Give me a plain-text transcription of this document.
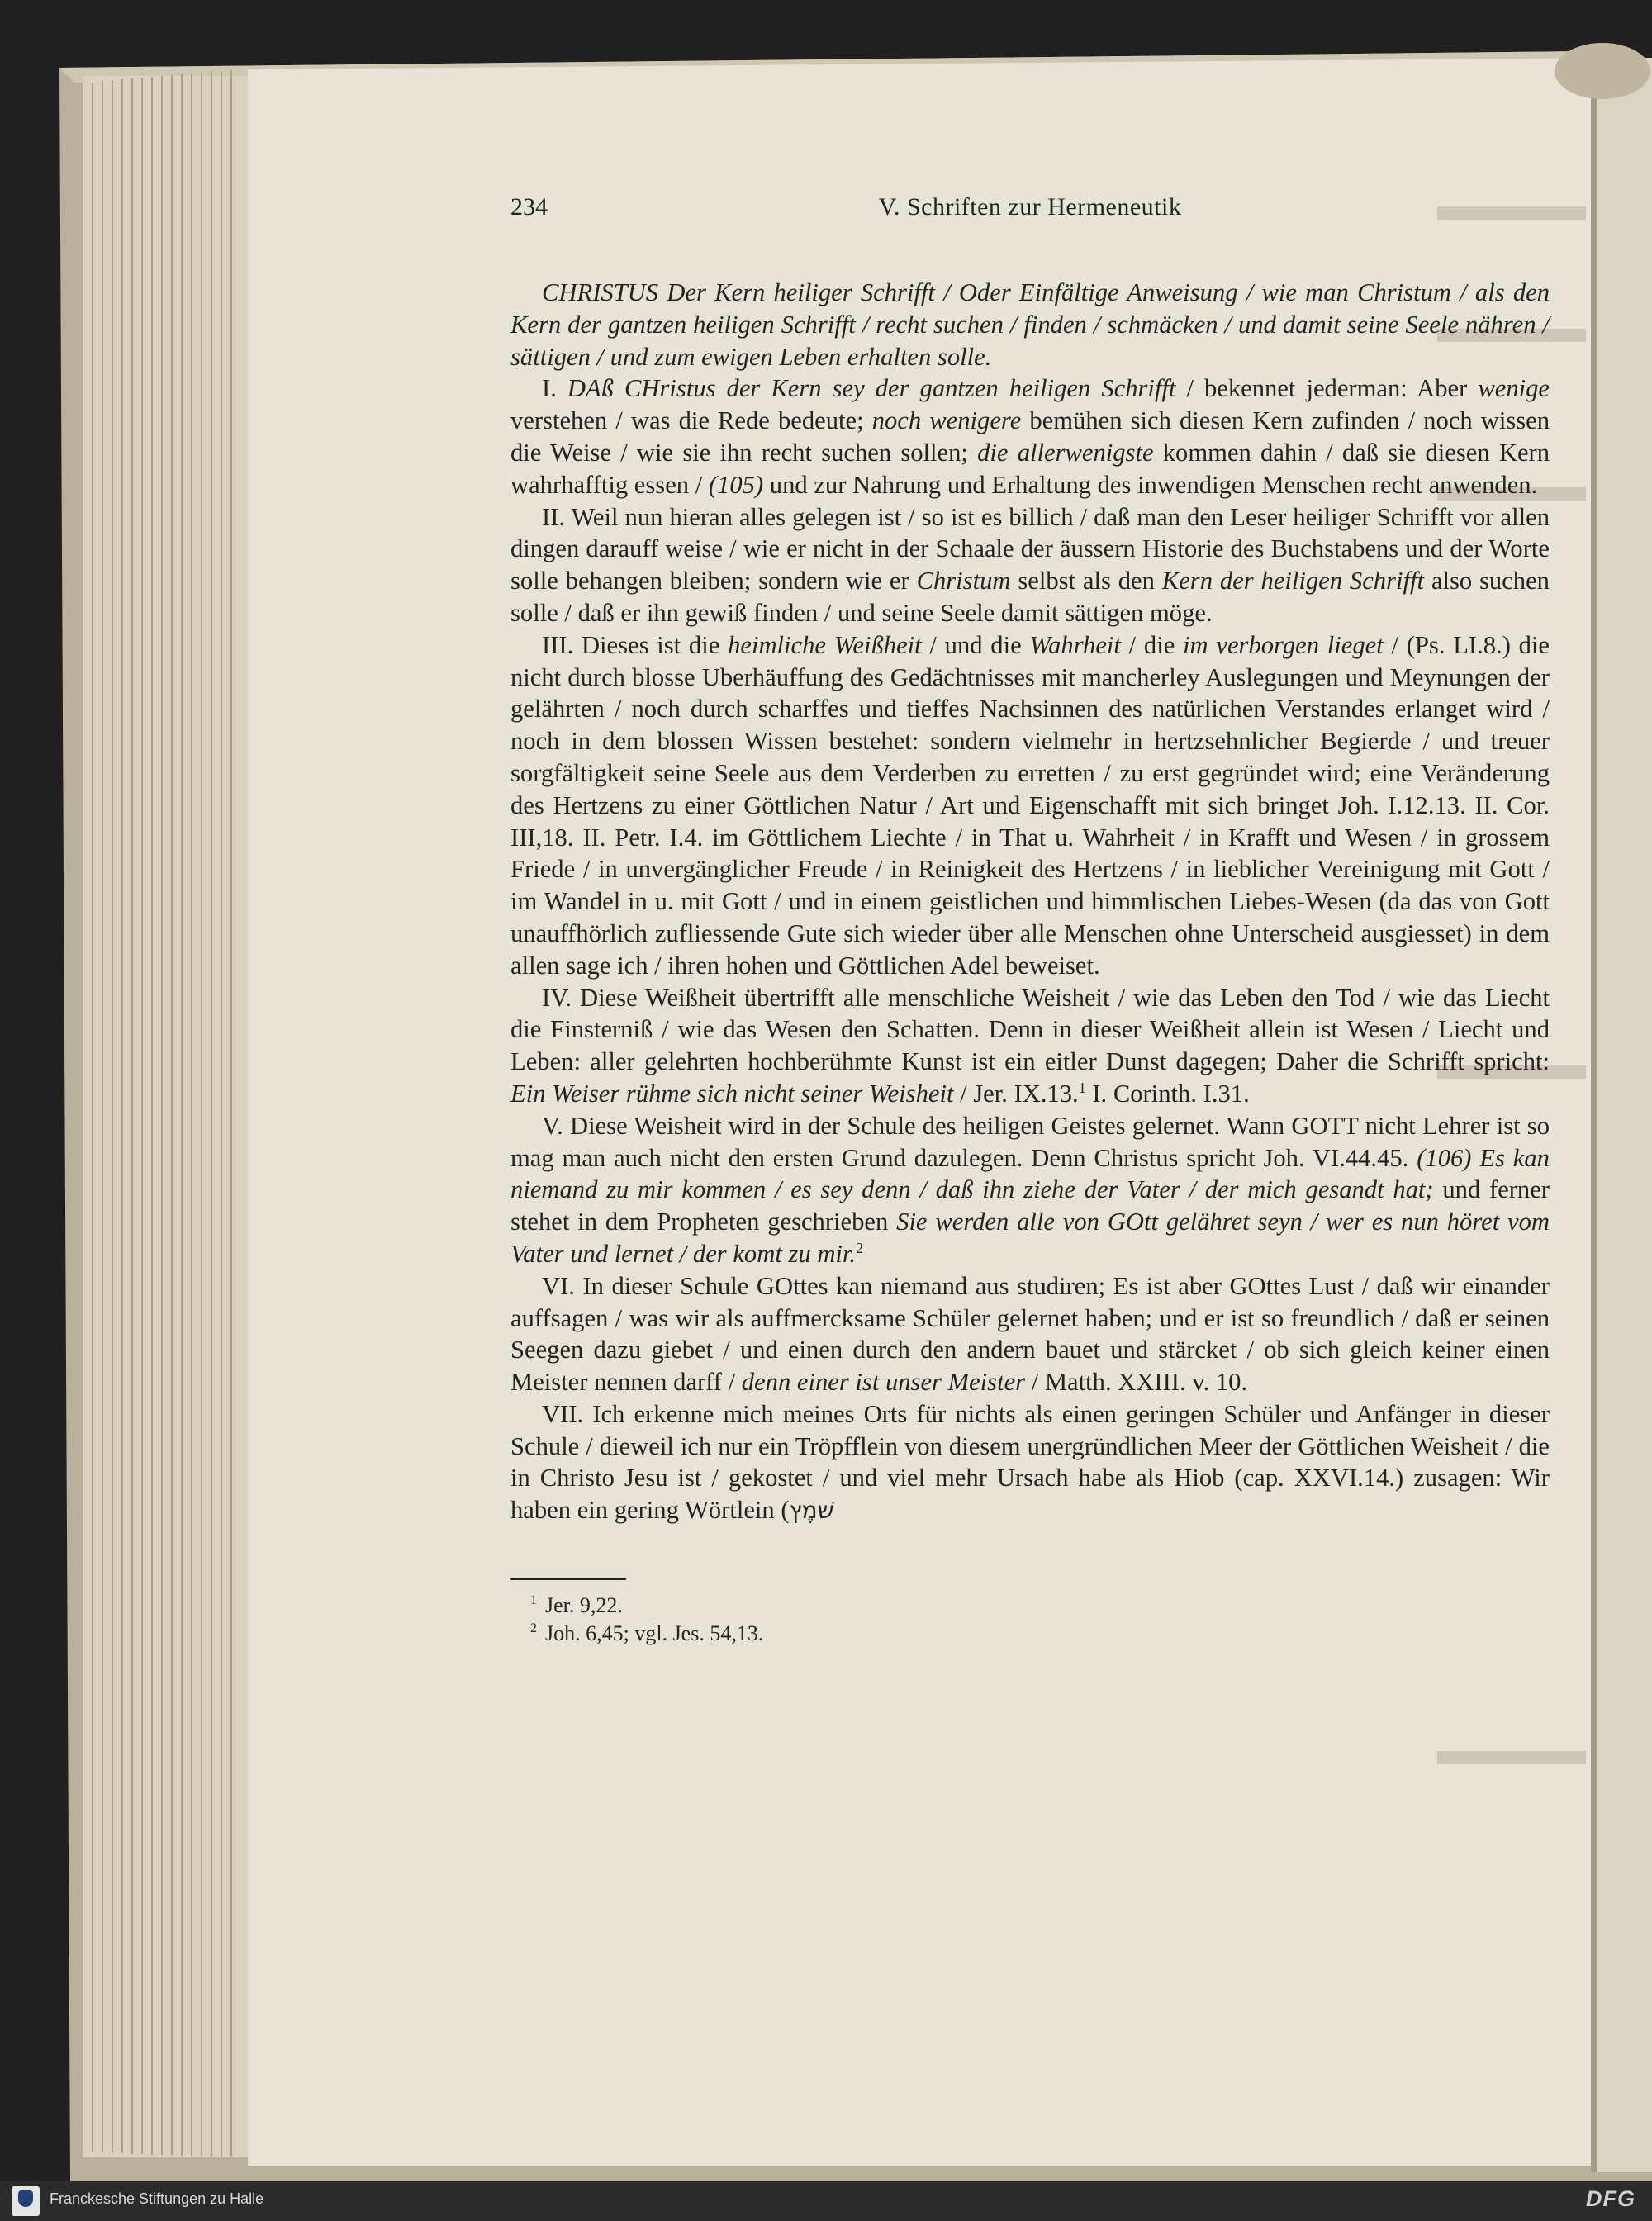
234	V. Schriften zur Hermeneutik

CHRISTUS Der Kern heiliger Schrifft / Oder Einfältige Anweisung / wie man Christum / als den Kern der gantzen heiligen Schrifft / recht suchen / finden / schmäcken / und damit seine Seele nähren / sättigen / und zum ewigen Leben erhalten solle.

I. DAß CHristus der Kern sey der gantzen heiligen Schrifft / bekennet jederman: Aber wenige verstehen / was die Rede bedeute; noch wenigere bemühen sich diesen Kern zufinden / noch wissen die Weise / wie sie ihn recht suchen sollen; die allerwenigste kommen dahin / daß sie diesen Kern wahrhafftig essen / (105) und zur Nahrung und Erhaltung des inwendigen Menschen recht anwenden.

II. Weil nun hieran alles gelegen ist / so ist es billich / daß man den Leser heiliger Schrifft vor allen dingen darauff weise / wie er nicht in der Schaale der äussern Historie des Buchstabens und der Worte solle behangen bleiben; sondern wie er Christum selbst als den Kern der heiligen Schrifft also suchen solle / daß er ihn gewiß finden / und seine Seele damit sättigen möge.

III. Dieses ist die heimliche Weißheit / und die Wahrheit / die im verborgen lieget / (Ps. LI.8.) die nicht durch blosse Uberhäuffung des Gedächtnisses mit mancherley Auslegungen und Meynungen der gelährten / noch durch scharffes und tieffes Nachsinnen des natürlichen Verstandes erlanget wird / noch in dem blossen Wissen bestehet: sondern vielmehr in hertzsehnlicher Begierde / und treuer sorgfältigkeit seine Seele aus dem Verderben zu erretten / zu erst gegründet wird; eine Veränderung des Hertzens zu einer Göttlichen Natur / Art und Eigenschafft mit sich bringet Joh. I.12.13. II. Cor. III,18. II. Petr. I.4. im Göttlichem Liechte / in That u. Wahrheit / in Krafft und Wesen / in grossem Friede / in unvergänglicher Freude / in Reinigkeit des Hertzens / in lieblicher Vereinigung mit Gott / im Wandel in u. mit Gott / und in einem geistlichen und himmlischen Liebes-Wesen (da das von Gott unauffhörlich zufliessende Gute sich wieder über alle Menschen ohne Unterscheid ausgiesset) in dem allen sage ich / ihren hohen und Göttlichen Adel beweiset.

IV. Diese Weißheit übertrifft alle menschliche Weisheit / wie das Leben den Tod / wie das Liecht die Finsterniß / wie das Wesen den Schatten. Denn in dieser Weißheit allein ist Wesen / Liecht und Leben: aller gelehrten hochberühmte Kunst ist ein eitler Dunst dagegen; Daher die Schrifft spricht: Ein Weiser rühme sich nicht seiner Weisheit / Jer. IX.13.$^1$ I. Corinth. I.31.

V. Diese Weisheit wird in der Schule des heiligen Geistes gelernet. Wann GOTT nicht Lehrer ist so mag man auch nicht den ersten Grund dazulegen. Denn Christus spricht Joh. VI.44.45. (106) Es kan niemand zu mir kommen / es sey denn / daß ihn ziehe der Vater / der mich gesandt hat; und ferner stehet in dem Propheten geschrieben Sie werden alle von GOtt gelähret seyn / wer es nun höret vom Vater und lernet / der komt zu mir.$^2$

VI. In dieser Schule GOttes kan niemand aus studiren; Es ist aber GOttes Lust / daß wir einander auffsagen / was wir als auffmercksame Schüler gelernet haben; und er ist so freundlich / daß er seinen Seegen dazu giebet / und einen durch den andern bauet und stärcket / ob sich gleich keiner einen Meister nennen darff / denn einer ist unser Meister / Matth. XXIII. v. 10.

VII. Ich erkenne mich meines Orts für nichts als einen geringen Schüler und Anfänger in dieser Schule / dieweil ich nur ein Tröpfflein von diesem unergründlichen Meer der Göttlichen Weisheit / die in Christo Jesu ist / gekostet / und viel mehr Ursach habe als Hiob (cap. XXVI.14.) zusagen: Wir haben ein gering Wörtlein (שׁמֶץ

$^1$ Jer. 9,22.
$^2$ Joh. 6,45; vgl. Jes. 54,13.
Franckesche Stiftungen zu Halle	DFG
